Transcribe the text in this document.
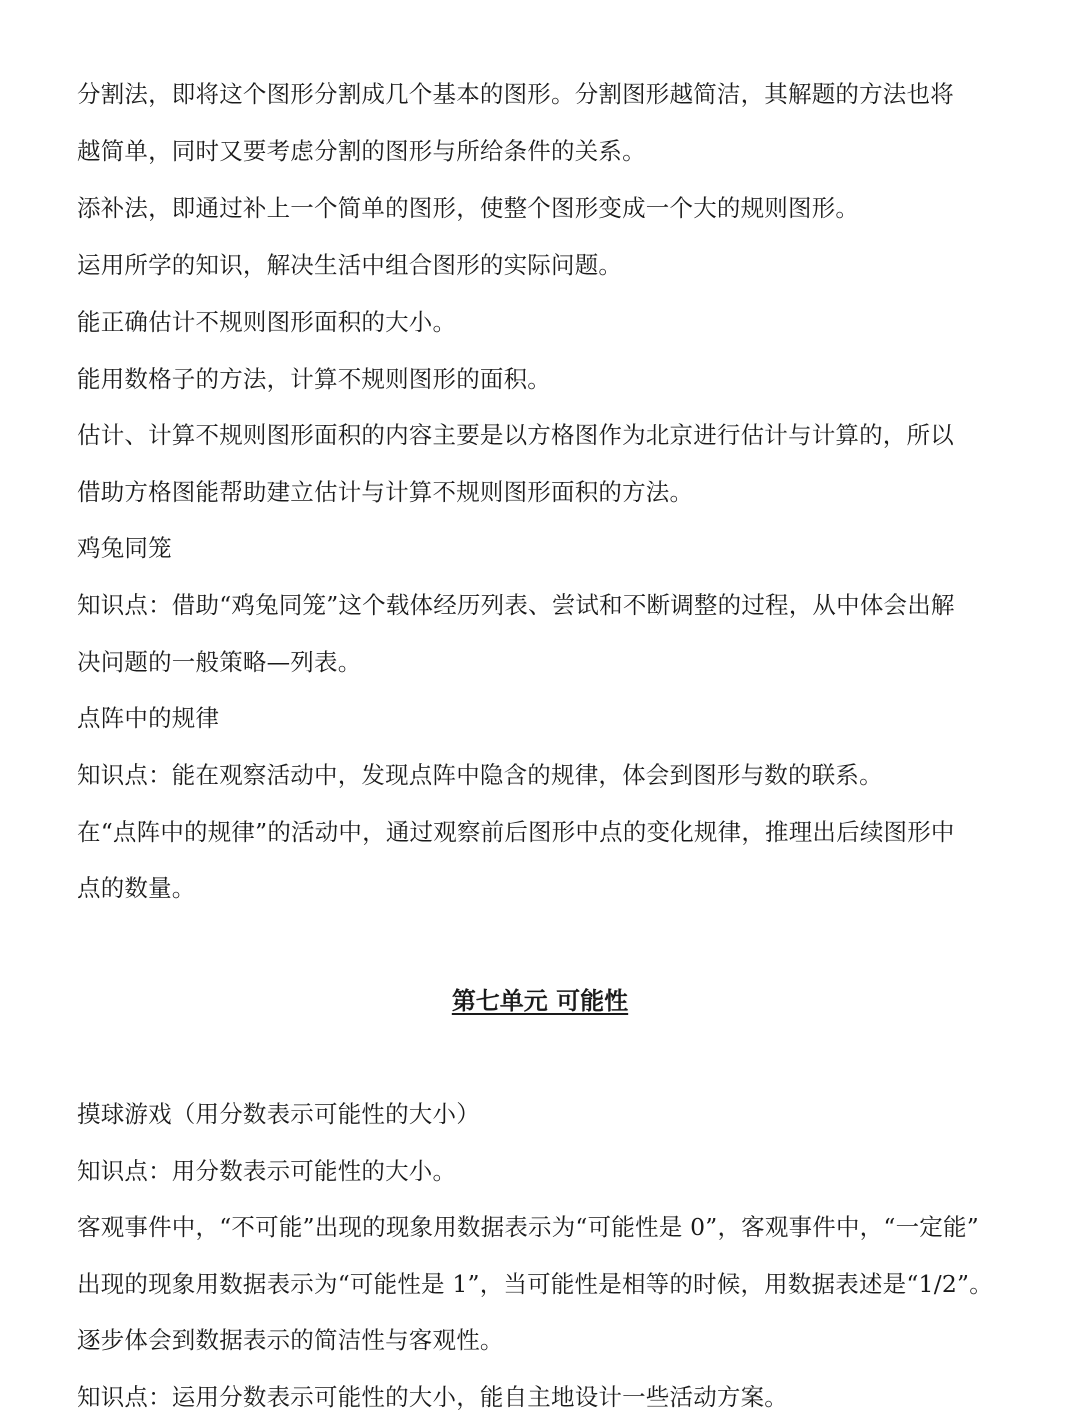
分割法，即将这个图形分割成几个基本的图形。分割图形越简洁，其解题的方法也将
越简单，同时又要考虑分割的图形与所给条件的关系。
添补法，即通过补上一个简单的图形，使整个图形变成一个大的规则图形。
运用所学的知识，解决生活中组合图形的实际问题。
能正确估计不规则图形面积的大小。
能用数格子的方法，计算不规则图形的面积。
估计、计算不规则图形面积的内容主要是以方格图作为北京进行估计与计算的，所以
借助方格图能帮助建立估计与计算不规则图形面积的方法。
鸡兔同笼
知识点：借助“鸡兔同笼”这个载体经历列表、尝试和不断调整的过程，从中体会出解
决问题的一般策略—列表。
点阵中的规律
知识点：能在观察活动中，发现点阵中隐含的规律，体会到图形与数的联系。
在“点阵中的规律”的活动中，通过观察前后图形中点的变化规律，推理出后续图形中
点的数量。
第七单元 可能性
摸球游戏（用分数表示可能性的大小）
知识点：用分数表示可能性的大小。
客观事件中，“不可能”出现的现象用数据表示为“可能性是 0”，客观事件中，“一定能”
出现的现象用数据表示为“可能性是 1”，当可能性是相等的时候，用数据表述是“1/2”。
逐步体会到数据表示的简洁性与客观性。
知识点：运用分数表示可能性的大小，能自主地设计一些活动方案。
